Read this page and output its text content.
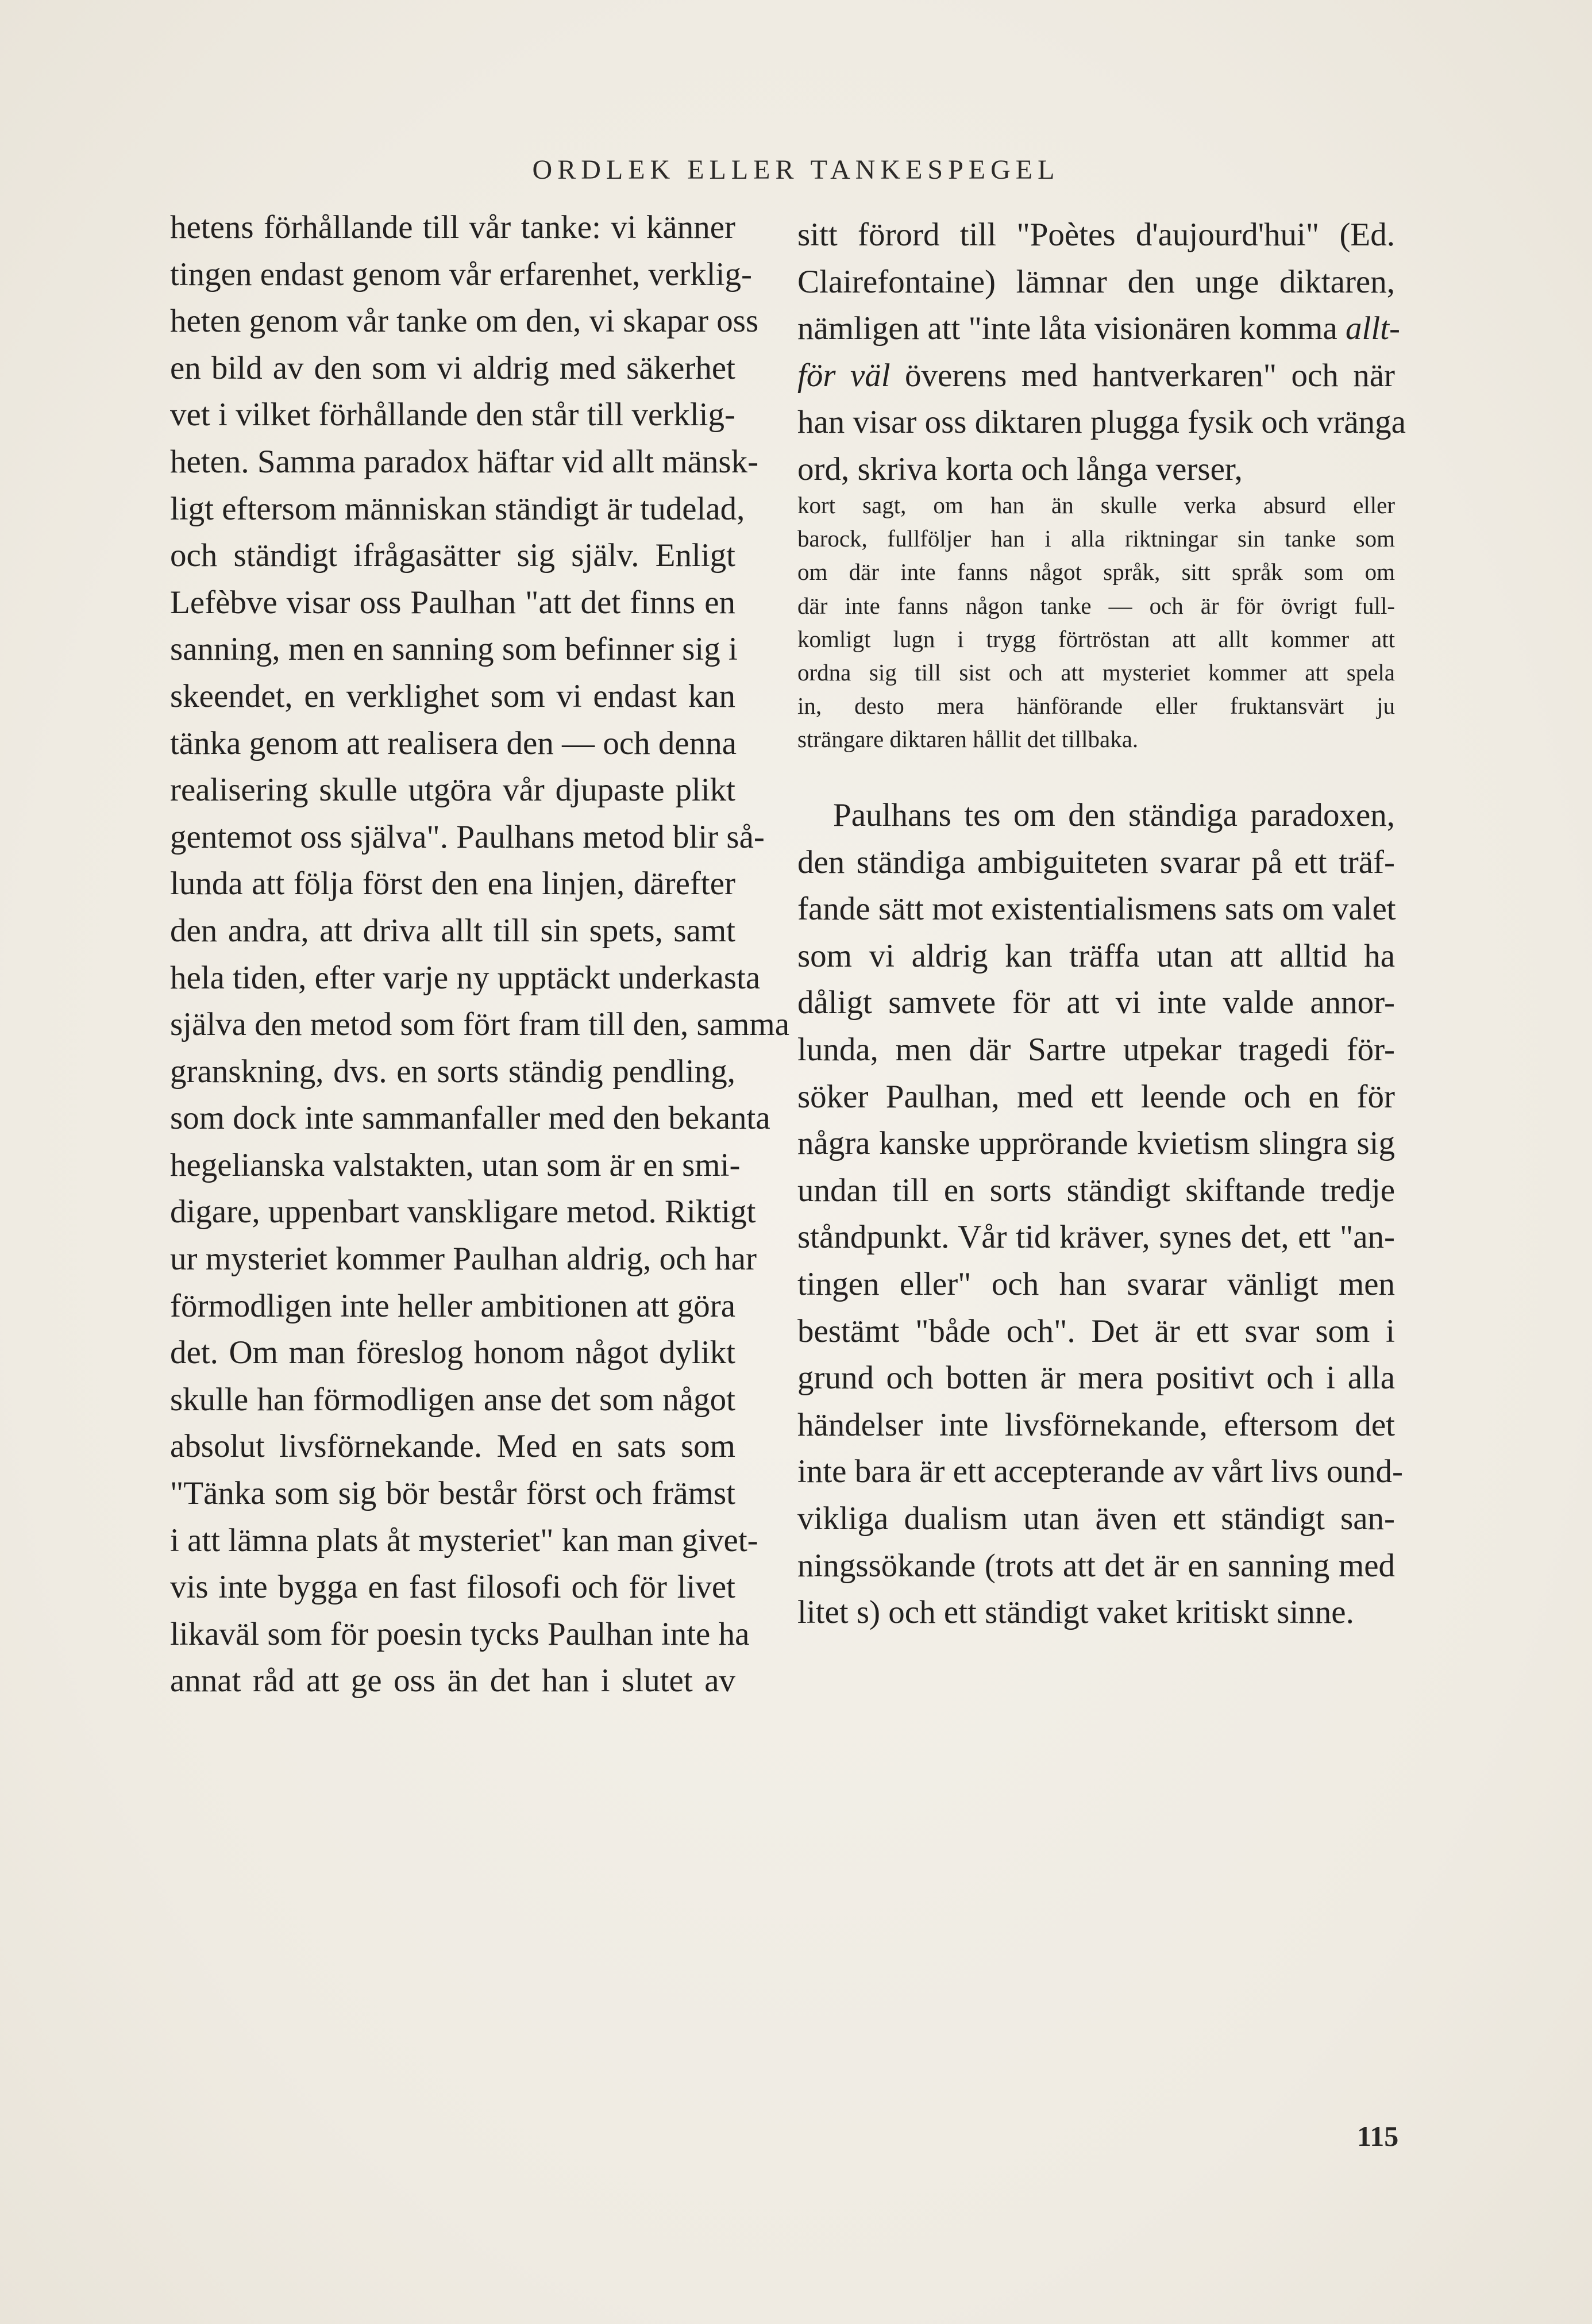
ORDLEK ELLER TANKESPEGEL
hetens förhållande till vår tanke: vi känner
tingen endast genom vår erfarenhet, verklig-
heten genom vår tanke om den, vi skapar oss
en bild av den som vi aldrig med säkerhet
vet i vilket förhållande den står till verklig-
heten. Samma paradox häftar vid allt mänsk-
ligt eftersom människan ständigt är tudelad,
och ständigt ifrågasätter sig själv. Enligt
Lefèbve visar oss Paulhan "att det finns en
sanning, men en sanning som befinner sig i
skeendet, en verklighet som vi endast kan
tänka genom att realisera den — och denna
realisering skulle utgöra vår djupaste plikt
gentemot oss själva". Paulhans metod blir så-
lunda att följa först den ena linjen, därefter
den andra, att driva allt till sin spets, samt
hela tiden, efter varje ny upptäckt underkasta
själva den metod som fört fram till den, samma
granskning, dvs. en sorts ständig pendling,
som dock inte sammanfaller med den bekanta
hegelianska valstakten, utan som är en smi-
digare, uppenbart vanskligare metod. Riktigt
ur mysteriet kommer Paulhan aldrig, och har
förmodligen inte heller ambitionen att göra
det. Om man föreslog honom något dylikt
skulle han förmodligen anse det som något
absolut livsförnekande. Med en sats som
"Tänka som sig bör består först och främst
i att lämna plats åt mysteriet" kan man givet-
vis inte bygga en fast filosofi och för livet
likaväl som för poesin tycks Paulhan inte ha
annat råd att ge oss än det han i slutet av
sitt förord till "Poètes d'aujourd'hui" (Ed.
Clairefontaine) lämnar den unge diktaren,
nämligen att "inte låta visionären komma allt-
för väl överens med hantverkaren" och när
han visar oss diktaren plugga fysik och vränga
ord, skriva korta och långa verser,
kort sagt, om han än skulle verka absurd eller
barock, fullföljer han i alla riktningar sin tanke som
om där inte fanns något språk, sitt språk som om
där inte fanns någon tanke — och är för övrigt full-
komligt lugn i trygg förtröstan att allt kommer att
ordna sig till sist och att mysteriet kommer att spela
in, desto mera hänförande eller fruktansvärt ju
strängare diktaren hållit det tillbaka.
Paulhans tes om den ständiga paradoxen,
den ständiga ambiguiteten svarar på ett träf-
fande sätt mot existentialismens sats om valet
som vi aldrig kan träffa utan att alltid ha
dåligt samvete för att vi inte valde annor-
lunda, men där Sartre utpekar tragedi för-
söker Paulhan, med ett leende och en för
några kanske upprörande kvietism slingra sig
undan till en sorts ständigt skiftande tredje
ståndpunkt. Vår tid kräver, synes det, ett "an-
tingen eller" och han svarar vänligt men
bestämt "både och". Det är ett svar som i
grund och botten är mera positivt och i alla
händelser inte livsförnekande, eftersom det
inte bara är ett accepterande av vårt livs ound-
vikliga dualism utan även ett ständigt san-
ningssökande (trots att det är en sanning med
litet s) och ett ständigt vaket kritiskt sinne.
115
